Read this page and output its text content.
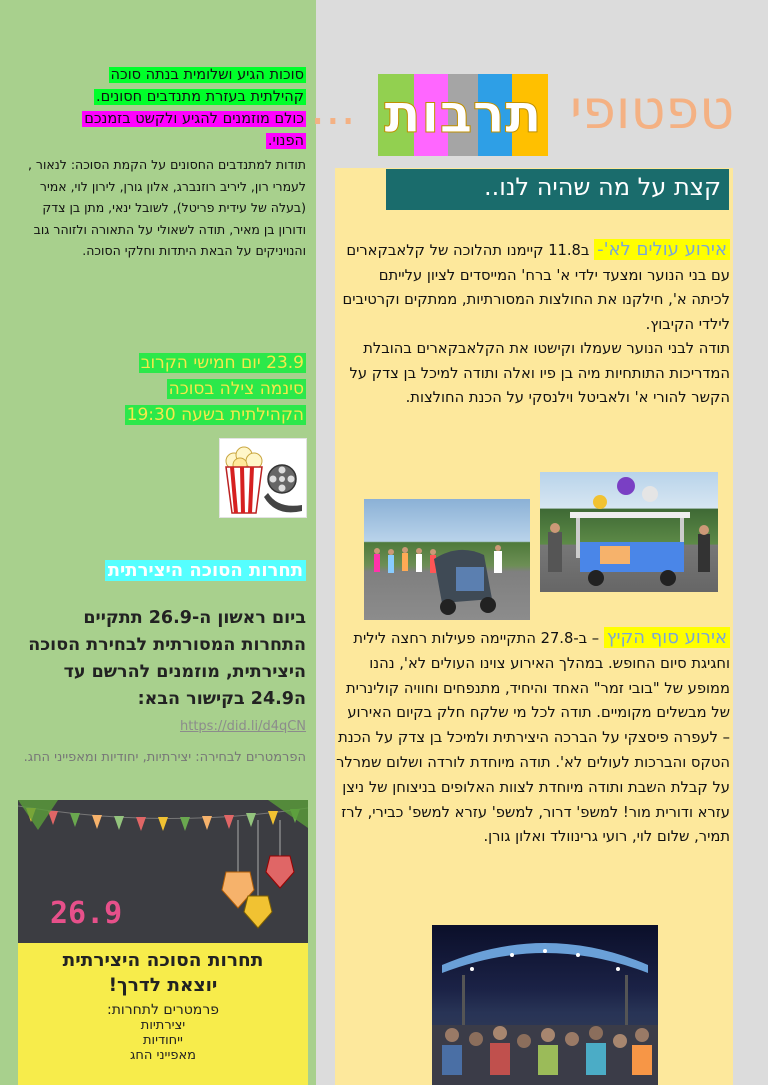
סוכות הגיע ושלומית בנתה סוכה
קהילתית בעזרת מתנדבים חסונים.
כולם מוזמנים להגיע ולקשט בזמנכם
הפנוי.
תודות למתנדבים החסונים על הקמת הסוכה: לנאור , לעמרי רון, ליריב רוזנברג, אלון גורן, לירון לוי, אמיר (בעלה של עידית פריטל), לשובל ינאי, מתן בן צדק ודורון בן מאיר, תודה לשאולי על התאורה ולזוהר גוב והנויניקים על הבאת היתדות וחלקי הסוכה.
23.9 יום חמישי הקרוב
סינמה צילה בסוכה
הקהילתית בשעה 19:30
תחרות הסוכה היצירתית
ביום ראשון ה-26.9 תתקיים התחרות המסורתית לבחירת הסוכה היצירתית, מוזמנים להרשם עד ה24.9 בקישור הבא:
https://did.li/d4qCN
הפרמטרים לבחירה: יצירתיות, יחודיות ומאפייני החג.
26.9
תחרות הסוכה היצירתית
יוצאת לדרך!
פרמטרים לתחרות:
יצירתיות
ייחודיות
מאפייני החג
טפטופי
תרבות
...
קצת על מה שהיה לנו..
אירוע עולים לא'- ב11.8 קיימנו תהלוכה של קלאבקארים עם בני הנוער ומצעד ילדי א' ברח' המייסדים לציון עלייתם לכיתה א', חילקנו את החולצות המסורתיות, ממתקים וקרטיבים לילדי הקיבוץ.
תודה לבני הנוער שעמלו וקישטו את הקלאבקארים בהובלת המדריכות התותחיות מיה בן פיו ואלה ותודה למיכל בן צדק על הקשר להורי א' ולאביטל וילנסקי על הכנת החולצות.
אירוע סוף הקיץ – ב-27.8 התקיימה פעילות רחצה לילית וחגיגת סיום החופש. במהלך האירוע צוינו העולים לא', נהנו ממופע של "בובי זמר" האחד והיחיד, מתנפחים וחוויה קולינרית של מבשלים מקומיים. תודה לכל מי שלקח חלק בקיום האירוע – לעפרה פיסצקי על הברכה היצירתית ולמיכל בן צדק על הכנת הטקס והברכות לעולים לא'. תודה מיוחדת לורדה ושלום שמרלר על קבלת השבת ותודה מיוחדת לצוות האלופים בניצוחן של ניצן עזרא ודורית מור! למשפ' דרור, למשפ' עזרא למשפ' כבירי, לרז תמיר, שלום לוי, רועי גרינוולד ואלון גורן.
